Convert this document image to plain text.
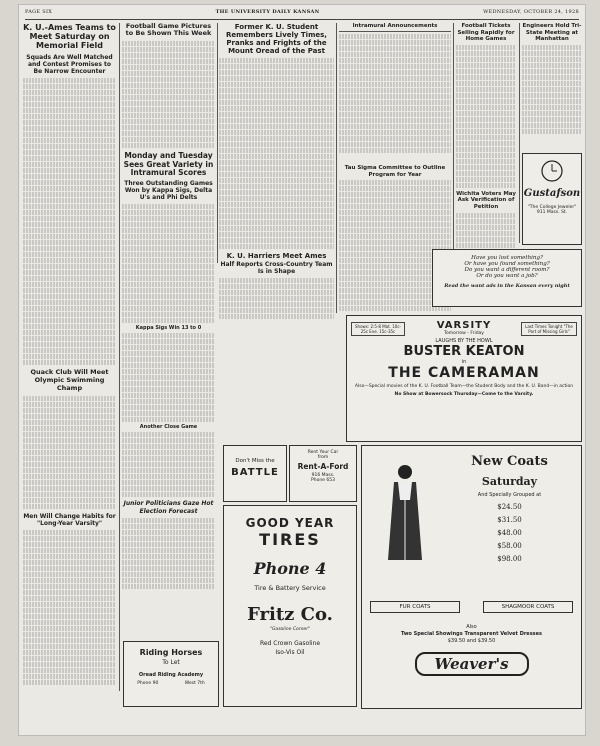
PAGE SIX	THE UNIVERSITY DAILY KANSAN	WEDNESDAY, OCTOBER 24, 1928
K. U.-Ames Teams to Meet Saturday on Memorial Field
Squads Are Well Matched and Contest Promises to Be Narrow Encounter
Quack Club Will Meet Olympic Swimming Champ
Men Will Change Habits for "Long-Year Varsity"
Football Game Pictures to Be Shown This Week
Monday and Tuesday Sees Great Variety in Intramural Scores
Three Outstanding Games Won by Kappa Sigs, Delta U's and Phi Delts
Kappa Sigs Win 13 to 0
Another Close Game
Junior Politicians Gaze Hot Election Forecast
Former K. U. Student Remembers Lively Times, Pranks and Frights of the Mount Oread of the Past
K. U. Harriers Meet Ames
Half Reports Cross-Country Team Is in Shape
Intramural Announcements
Tau Sigma Committee to Outline Program for Year
Football Tickets Selling Rapidly for Home Games
Wichita Voters May Ask Verification of Petition
Engineers Hold Tri-State Meeting at Manhattan
Gustafson
"The College Jeweler"
911 Mass. St.
Have you lost something?
Or have you found something?
Do you want a different room?
Or do you want a job?
Read the want ads in the Kansan every night
Shows: 2:5-8 Mat. 10c-25c Eve. 15c-35c
Last Times Tonight "The Port of Missing Girls"
VARSITY
Tomorrow - Friday
LAUGHS BY THE HOWL
BUSTER KEATON
in
THE CAMERAMAN
Also—Special movies of the K. U. Football Team—the Student Body and the K. U. Band—in action
No Show at Bowersock Thursday—Come to the Varsity.
Don't Miss the
BATTLE
Rent Your Car
from
Rent-A-Ford
916 Mass.
Phone 653
GOOD YEAR
TIRES
Phone 4
Tire & Battery Service
Fritz Co.
"Gasoline Corner"
Red Crown Gasoline
Iso-Vis Oil
Riding Horses
To Let
Oread Riding Academy
Phone 90	West 7th
New Coats
Saturday
And Specially Grouped at
$24.50
$31.50
$48.00
$58.00
$98.00
FUR COATS	SHAGMOOR COATS
Also
Two Special Showings Transparent Velvet Dresses
$39.50 and $39.50
Weaver's
